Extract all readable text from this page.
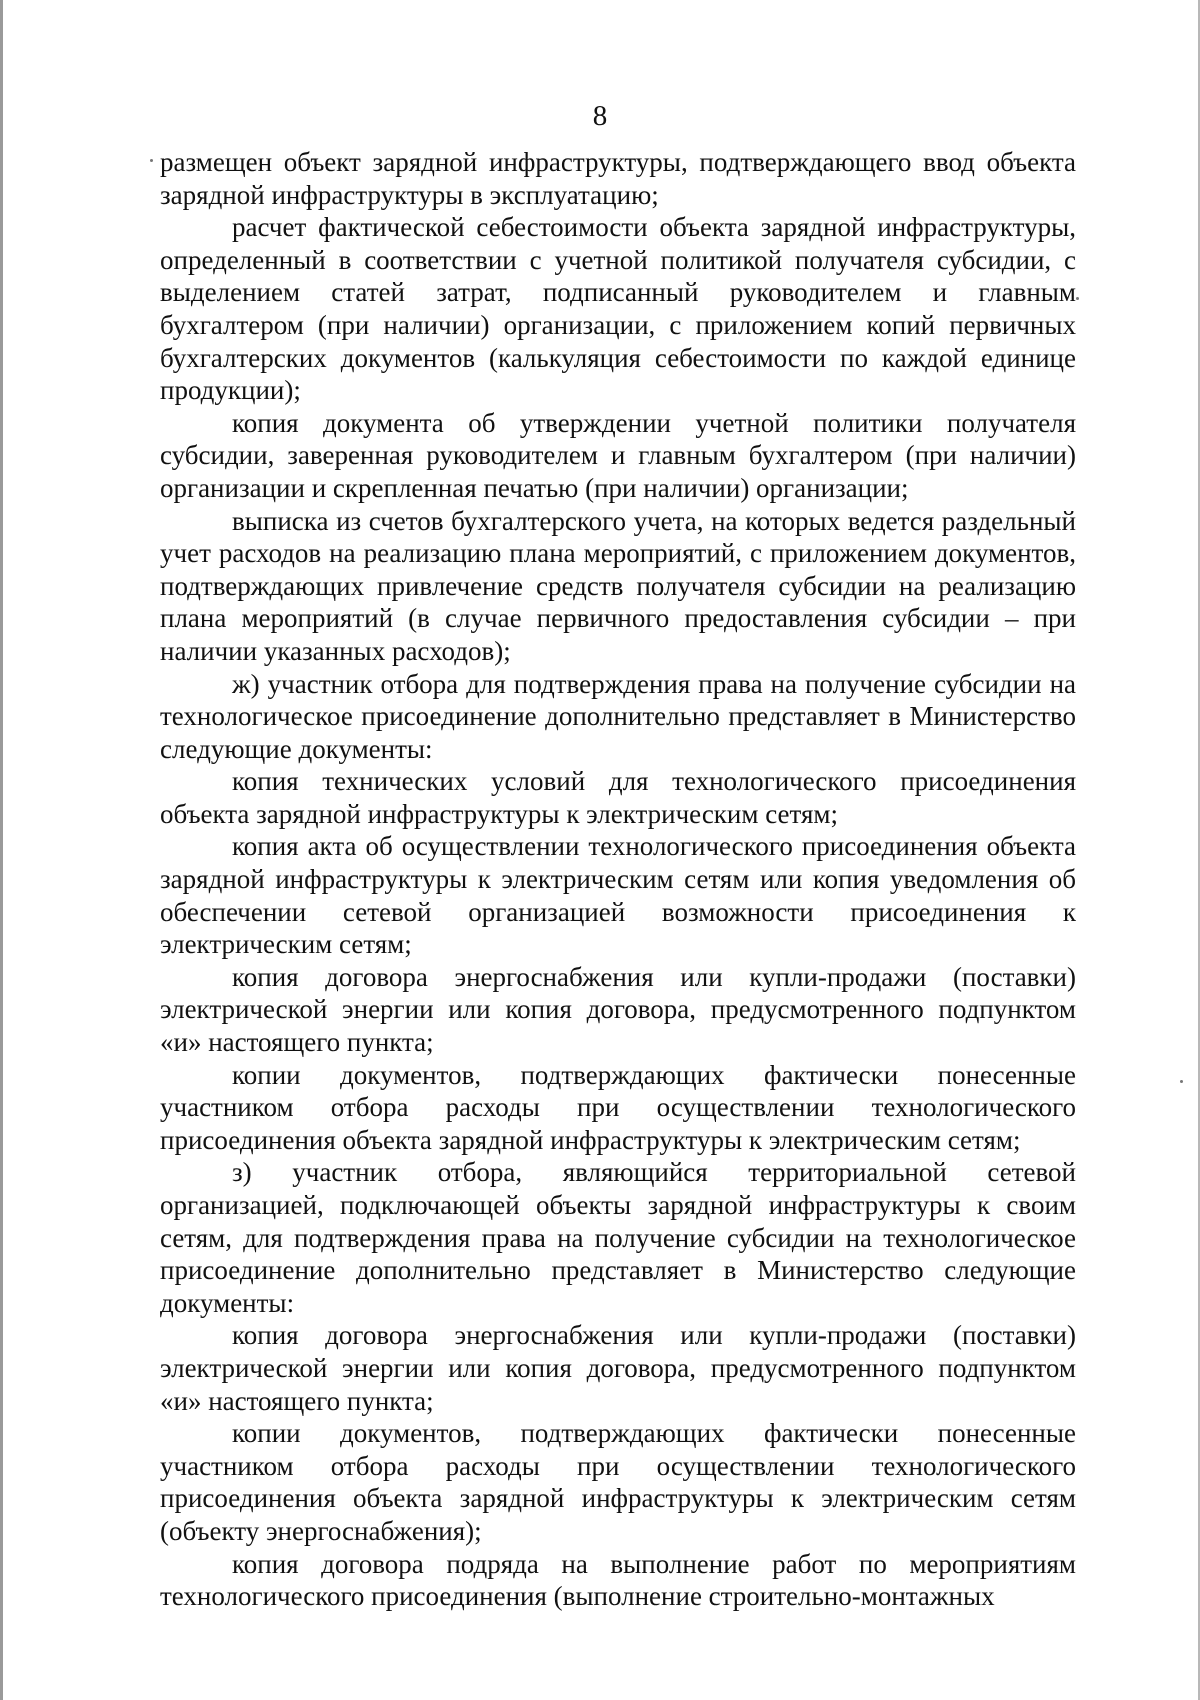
8

размещен объект зарядной инфраструктуры, подтверждающего ввод объекта зарядной инфраструктуры в эксплуатацию;

расчет фактической себестоимости объекта зарядной инфраструктуры, определенный в соответствии с учетной политикой получателя субсидии, с выделением статей затрат, подписанный руководителем и главным бухгалтером (при наличии) организации, с приложением копий первичных бухгалтерских документов (калькуляция себестоимости по каждой единице продукции);

копия документа об утверждении учетной политики получателя субсидии, заверенная руководителем и главным бухгалтером (при наличии) организации и скрепленная печатью (при наличии) организации;

выписка из счетов бухгалтерского учета, на которых ведется раздельный учет расходов на реализацию плана мероприятий, с приложением документов, подтверждающих привлечение средств получателя субсидии на реализацию плана мероприятий (в случае первичного предоставления субсидии – при наличии указанных расходов);

ж) участник отбора для подтверждения права на получение субсидии на технологическое присоединение дополнительно представляет в Министерство следующие документы:

копия технических условий для технологического присоединения объекта зарядной инфраструктуры к электрическим сетям;

копия акта об осуществлении технологического присоединения объекта зарядной инфраструктуры к электрическим сетям или копия уведомления об обеспечении сетевой организацией возможности присоединения к электрическим сетям;

копия договора энергоснабжения или купли-продажи (поставки) электрической энергии или копия договора, предусмотренного подпунктом «и» настоящего пункта;

копии документов, подтверждающих фактически понесенные участником отбора расходы при осуществлении технологического присоединения объекта зарядной инфраструктуры к электрическим сетям;

з) участник отбора, являющийся территориальной сетевой организацией, подключающей объекты зарядной инфраструктуры к своим сетям, для подтверждения права на получение субсидии на технологическое присоединение дополнительно представляет в Министерство следующие документы:

копия договора энергоснабжения или купли-продажи (поставки) электрической энергии или копия договора, предусмотренного подпунктом «и» настоящего пункта;

копии документов, подтверждающих фактически понесенные участником отбора расходы при осуществлении технологического присоединения объекта зарядной инфраструктуры к электрическим сетям (объекту энергоснабжения);

копия договора подряда на выполнение работ по мероприятиям технологического присоединения (выполнение строительно-монтажных
